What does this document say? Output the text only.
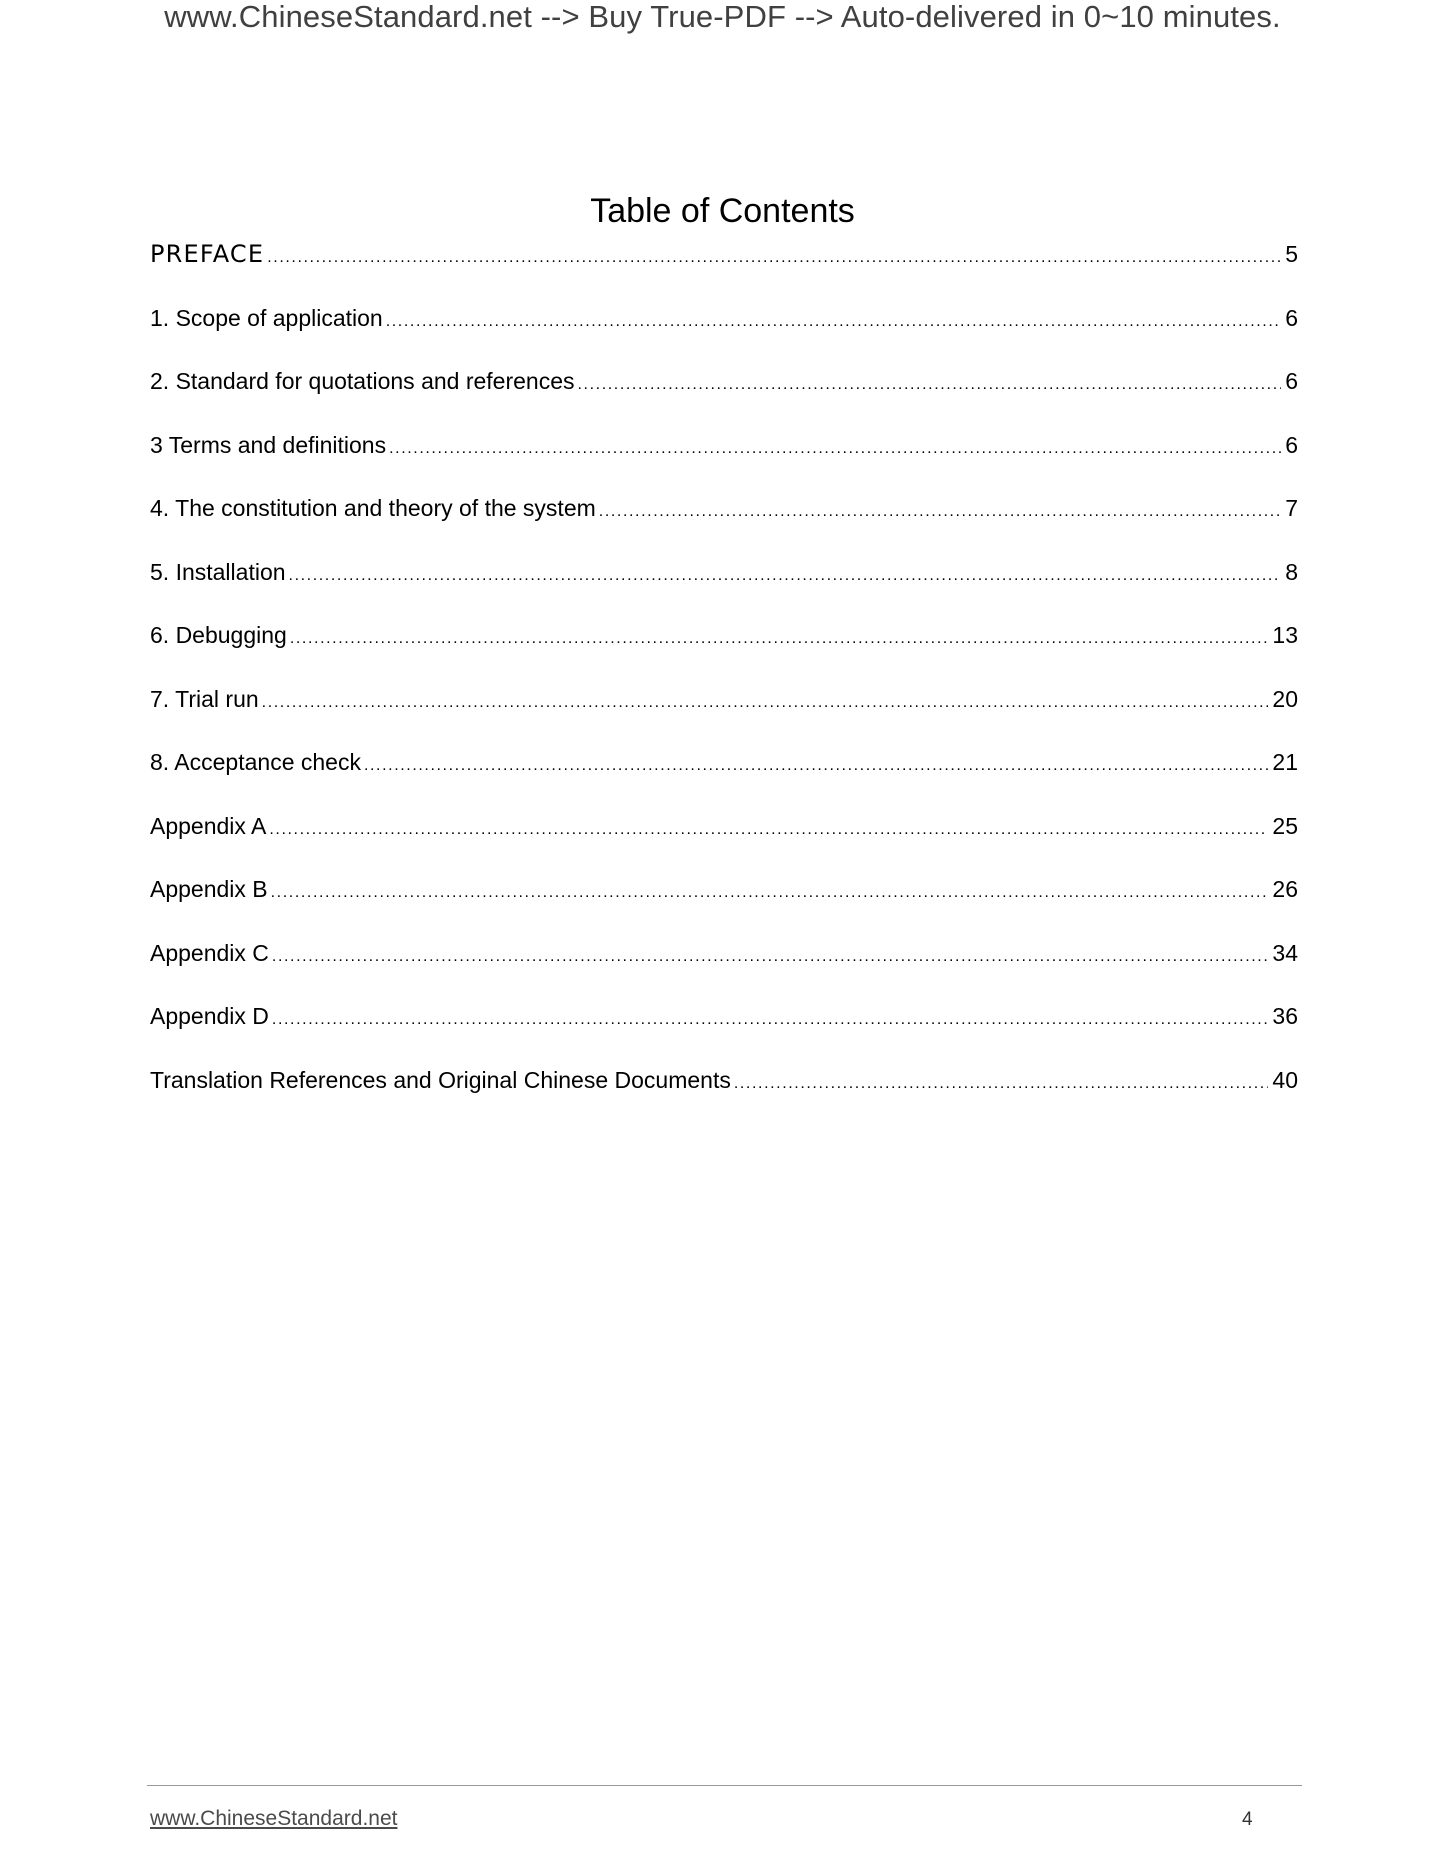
www.ChineseStandard.net --> Buy True-PDF --> Auto-delivered in 0~10 minutes.
Table of Contents
PREFACE .....	5
1. Scope of application .....	6
2. Standard for quotations and references .....	6
3 Terms and definitions .....	6
4. The constitution and theory of the system .....	7
5. Installation .....	8
6. Debugging .....	13
7. Trial run .....	20
8. Acceptance check .....	21
Appendix A .....	25
Appendix B .....	26
Appendix C .....	34
Appendix D .....	36
Translation References and Original Chinese Documents .....	40
www.ChineseStandard.net	4
